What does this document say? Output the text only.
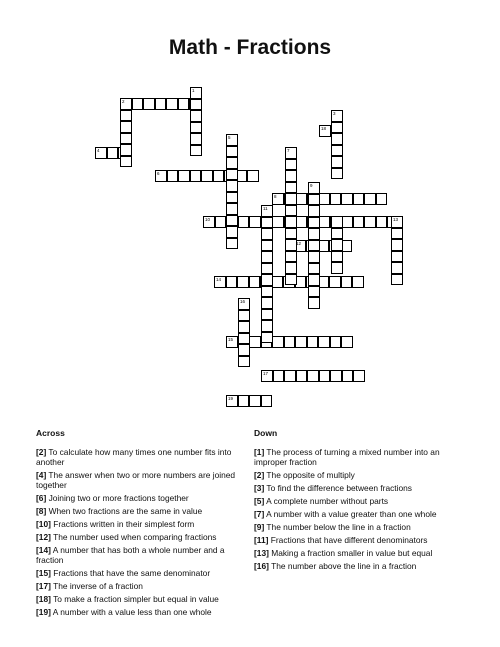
Math - Fractions
2
4
6
8
10
12
14
15
17
19
1
3
18
5
7
9
11
13
16
Across
[2] To calculate how many times one number fits into another
[4] The answer when two or more numbers are joined together
[6] Joining two or more fractions together
[8] When two fractions are the same in value
[10] Fractions written in their simplest form
[12] The number used when comparing fractions
[14] A number that has both a whole number and a fraction
[15] Fractions that have the same denominator
[17] The inverse of a fraction
[18] To make a fraction simpler but equal in value
[19] A number with a value less than one whole
Down
[1] The process of turning a mixed number into an improper fraction
[2] The opposite of multiply
[3] To find the difference between fractions
[5] A complete number without parts
[7] A number with a value greater than one whole
[9] The number below the line in a fraction
[11] Fractions that have different denominators
[13] Making a fraction smaller in value but equal
[16] The number above the line in a fraction
